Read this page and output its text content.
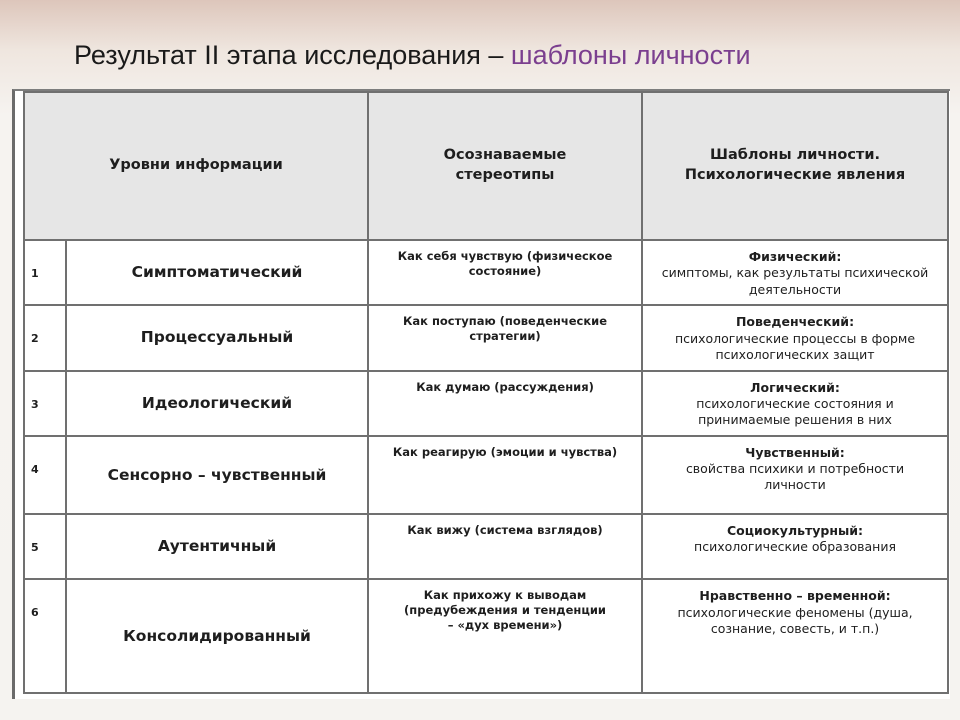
Результат II этапа исследования – шаблоны личности
Уровни информации		Осознаваемые стереотипы	Шаблоны личности. Психологические явления
1	Симптоматический	Как себя чувствую (физическое состояние)	Физический:
симптомы, как результаты психической деятельности
2	Процессуальный	Как поступаю (поведенческие стратегии)	Поведенческий:
психологические процессы в форме психологических защит
3	Идеологический	Как думаю (рассуждения)	Логический:
психологические состояния и принимаемые решения в них
4	Сенсорно – чувственный	Как реагирую (эмоции и чувства)	Чувственный:
свойства психики и потребности личности
5	Аутентичный	Как вижу (система взглядов)	Социокультурный:
психологические образования
6	Консолидированный	Как прихожу к выводам (предубеждения и тенденции – «дух времени»)	Нравственно – временной:
психологические феномены (душа, сознание, совесть, и т.п.)
